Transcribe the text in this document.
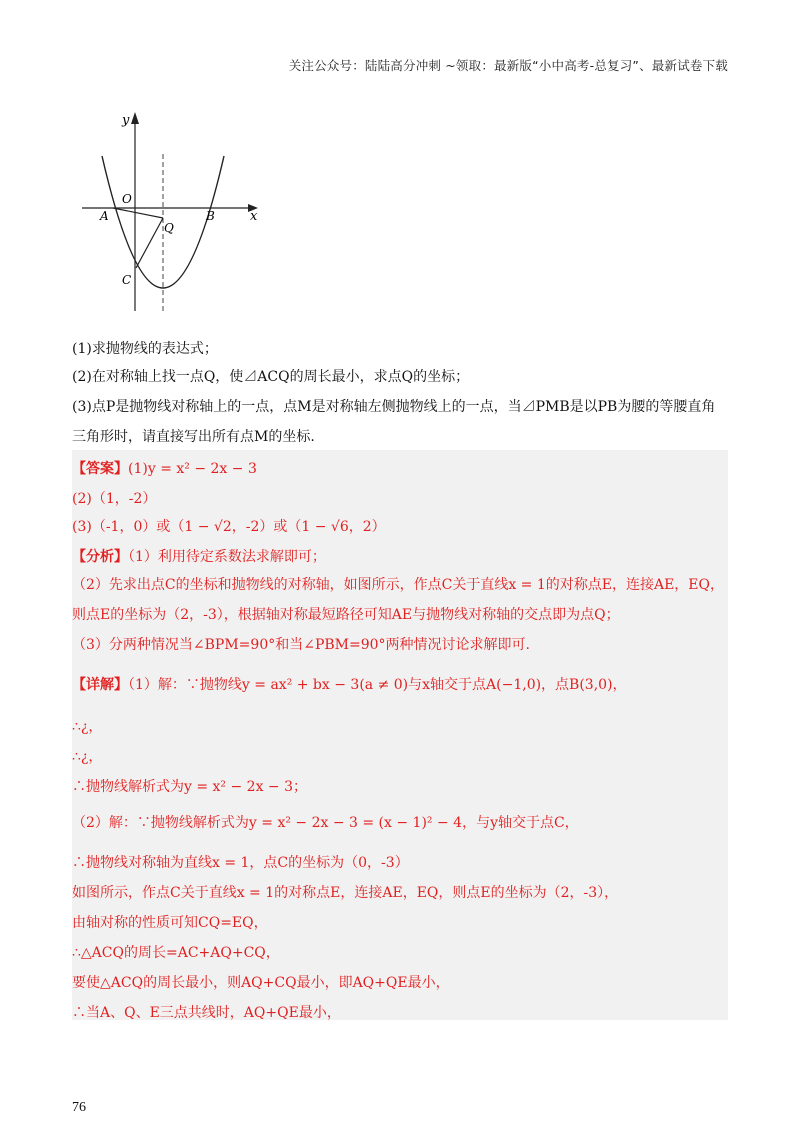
关注公众号：陆陆高分冲刺 ~领取：最新版“小中高考-总复习”、最新试卷下载
y
x
O
A	B
Q
C
(1)求抛物线的表达式；
(2)在对称轴上找一点Q，使⊿ACQ的周长最小，求点Q的坐标；
(3)点P是抛物线对称轴上的一点，点M是对称轴左侧抛物线上的一点，当⊿PMB是以PB为腰的等腰直角
三角形时，请直接写出所有点M的坐标.
【答案】(1)y = x² − 2x − 3
(2)（1，-2）
(3)（-1，0）或（1 − √2，-2）或（1 − √6，2）
【分析】（1）利用待定系数法求解即可；
（2）先求出点C的坐标和抛物线的对称轴，如图所示，作点C关于直线x = 1的对称点E，连接AE，EQ，
则点E的坐标为（2，-3），根据轴对称最短路径可知AE与抛物线对称轴的交点即为点Q；
（3）分两种情况当∠BPM=90°和当∠PBM=90°两种情况讨论求解即可.
【详解】（1）解：∵抛物线y = ax² + bx − 3(a ≠ 0)与x轴交于点A(−1,0)，点B(3,0)，
∴¿，
∴¿，
∴抛物线解析式为y = x² − 2x − 3；
（2）解：∵抛物线解析式为y = x² − 2x − 3 = (x − 1)² − 4，与y轴交于点C，
∴抛物线对称轴为直线x = 1，点C的坐标为（0，-3）
如图所示，作点C关于直线x = 1的对称点E，连接AE，EQ，则点E的坐标为（2，-3），
由轴对称的性质可知CQ=EQ，
∴△ACQ的周长=AC+AQ+CQ，
要使△ACQ的周长最小，则AQ+CQ最小，即AQ+QE最小，
∴当A、Q、E三点共线时，AQ+QE最小，
76
